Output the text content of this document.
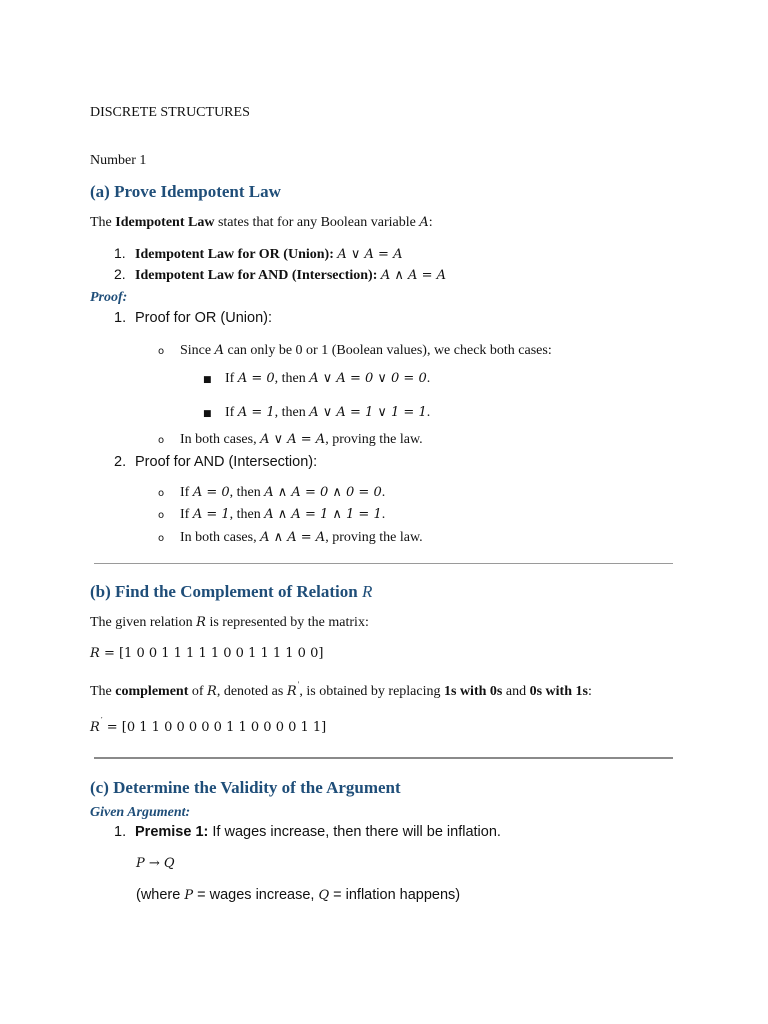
DISCRETE STRUCTURES
Number 1
(a) Prove Idempotent Law
The Idempotent Law states that for any Boolean variable A:
1. Idempotent Law for OR (Union): A ∨ A = A
2. Idempotent Law for AND (Intersection): A ∧ A = A
Proof:
1. Proof for OR (Union):
o Since A can only be 0 or 1 (Boolean values), we check both cases:
■ If A = 0, then A ∨ A = 0 ∨ 0 = 0.
■ If A = 1, then A ∨ A = 1 ∨ 1 = 1.
o In both cases, A ∨ A = A, proving the law.
2. Proof for AND (Intersection):
o If A = 0, then A ∧ A = 0 ∧ 0 = 0.
o If A = 1, then A ∧ A = 1 ∧ 1 = 1.
o In both cases, A ∧ A = A, proving the law.
(b) Find the Complement of Relation R
The given relation R is represented by the matrix:
R = [1 0 0 1 1 1 1 1 0 0 1 1 1 1 0 0]
The complement of R, denoted as R′, is obtained by replacing 1s with 0s and 0s with 1s:
R′ = [0 1 1 0 0 0 0 0 1 1 0 0 0 0 1 1]
(c) Determine the Validity of the Argument
Given Argument:
1. Premise 1: If wages increase, then there will be inflation.
P → Q
(where P = wages increase, Q = inflation happens)
